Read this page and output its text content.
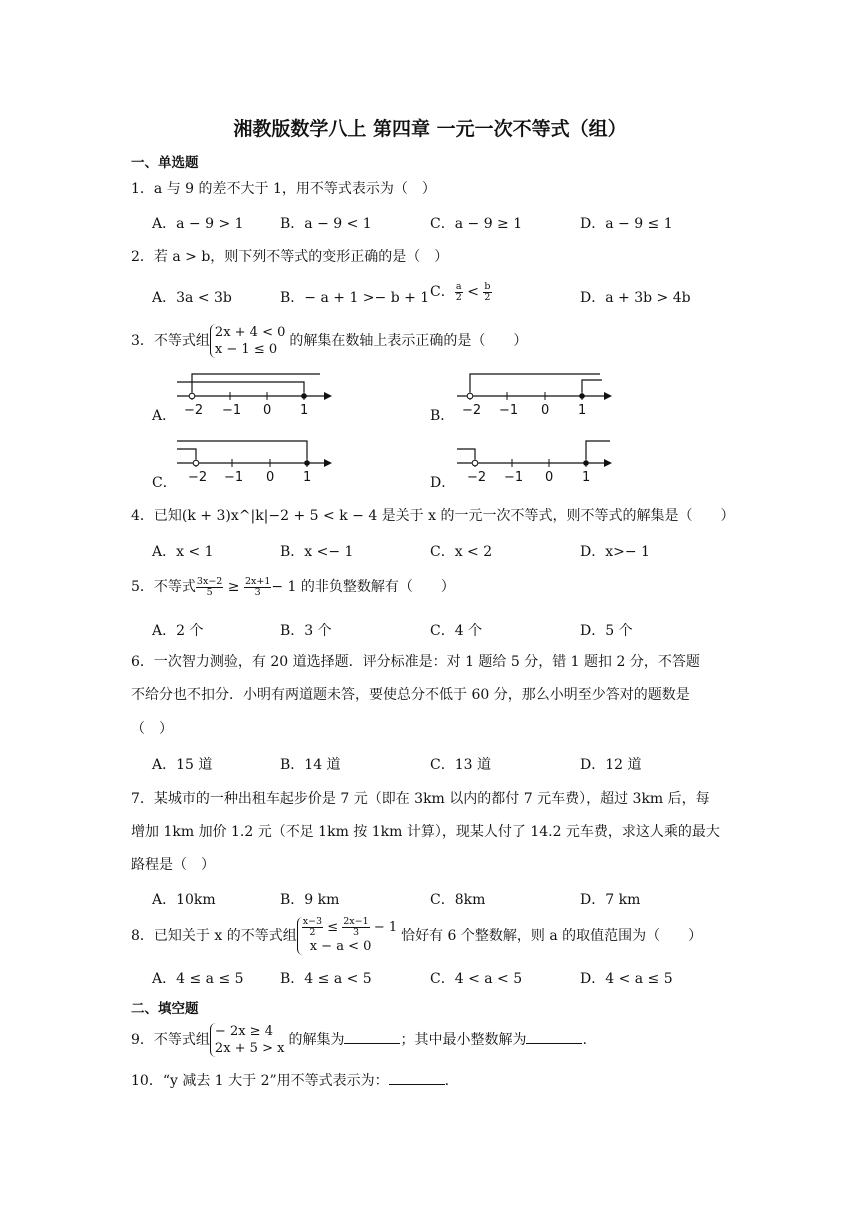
湘教版数学八上 第四章 一元一次不等式（组）
一、单选题
1．a 与 9 的差不大于 1，用不等式表示为（　）
A．a − 9 > 1	B．a − 9 < 1	C．a − 9 ≥ 1	D．a − 9 ≤ 1
2．若 a > b，则下列不等式的变形正确的是（　）
A．3a < 3b	B．− a + 1 >− b + 1 C． $\frac{a}{2} < \frac{b}{2}$	D．a + 3b > 4b
3．不等式组
2x + 4 < 0
x − 1 ≤ 0
的解集在数轴上表示正确的是（　　）
A． −2 −1 0 1	B． −2 −1 0 1
C． −2 −1 0 1	D． −2 −1 0 1
4．已知(k + 3)x^|k|−2 + 5 < k − 4 是关于 x 的一元一次不等式，则不等式的解集是（　　）
A．x < 1	B．x <− 1	C．x < 2	D．x>− 1
5．不等式 $\frac{3x-2}{5} \ge \frac{2x+1}{3} - 1$ 的非负整数解有（　　）
A．2 个	B．3 个	C．4 个	D．5 个
6．一次智力测验，有 20 道选择题．评分标准是：对 1 题给 5 分，错 1 题扣 2 分，不答题
不给分也不扣分．小明有两道题未答，要使总分不低于 60 分，那么小明至少答对的题数是
（　）
A．15 道	B．14 道	C．13 道	D．12 道
7．某城市的一种出租车起步价是 7 元（即在 3km 以内的都付 7 元车费），超过 3km 后，每
增加 1km 加价 1.2 元（不足 1km 按 1km 计算），现某人付了 14.2 元车费，求这人乘的最大
路程是（　）
A．10km	B．9 km	C．8km	D．7 km
8．已知关于 x 的不等式组 $\frac{x-3}{2} \le \frac{2x-1}{3} - 1$
x − a < 0
恰好有 6 个整数解，则 a 的取值范围为（　　）
A．4 ≤ a ≤ 5	B．4 ≤ a < 5	C．4 < a < 5	D．4 < a ≤ 5
二、填空题
9．不等式组
− 2x ≥ 4
2x + 5 > x
的解集为	；其中最小整数解为	.
10．“y 减去 1 大于 2”用不等式表示为：	.
